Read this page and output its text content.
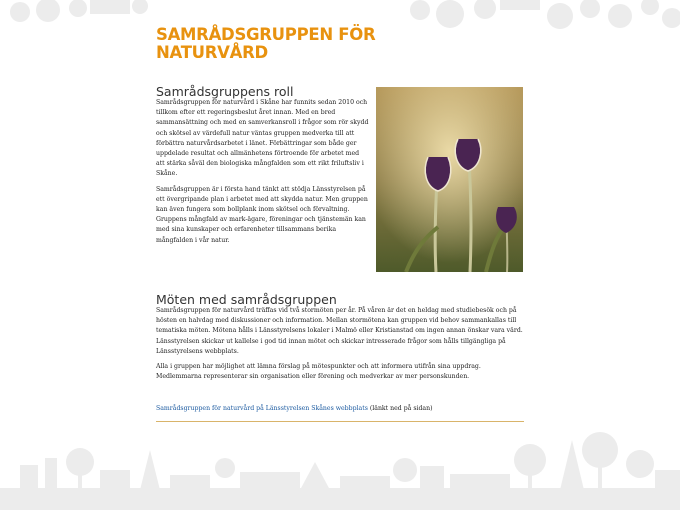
SAMRÅDSGRUPPEN FÖR
NATURVÅRD
Samrådsgruppens roll

Samrådsgruppen för naturvård i Skåne har funnits sedan 2010 och tillkom efter ett regeringsbeslut året innan. Med en bred sammansättning och med en samverkansroll i frågor som rör skydd och skötsel av värdefull natur väntas gruppen medverka till att förbättra naturvårdsarbetet i länet. Förbättringar som både ger uppdelade resultat och allmänhetens förtroende för arbetet med att stärka såväl den biologiska mångfalden som ett rikt friluftsliv i Skåne.

Samrådsgruppen är i första hand tänkt att stödja Länsstyrelsen på ett övergripande plan i arbetet med att skydda natur. Men gruppen kan även fungera som bollplank inom skötsel och förvaltning. Gruppens mångfald av mark-ägare, föreningar och tjänstemän kan med sina kunskaper och erfarenheter tillsammans berika mångfalden i vår natur.

Möten med samrådsgruppen

Samrådsgruppen för naturvård träffas vid två stormöten per år. På våren är det en heldag med studiebesök och på hösten en halvdag med diskussioner och information. Mellan stormötena kan gruppen vid behov sammankallas till tematiska möten. Mötena hålls i Länsstyrelsens lokaler i Malmö eller Kristianstad om ingen annan önskar vara värd. Länsstyrelsen skickar ut kallelse i god tid innan mötet och skickar intresserade frågor som hålls tillgängliga på Länsstyrelsens webbplats.

Alla i gruppen har möjlighet att lämna förslag på mötespunkter och att informera utifrån sina uppdrag. Medlemmarna representerar sin organisation eller förening och medverkar av mer personskunden.

Samrådsgruppen för naturvård på Länsstyrelsen Skånes webbplats (länkt ned på sidan)
